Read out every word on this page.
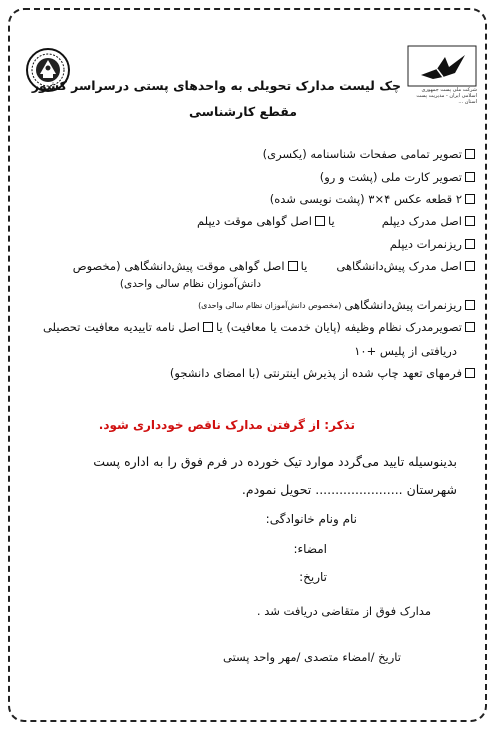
شرکت ملی پست جمهوری اسلامی ایران - مدیریت پست استان ...
چک لیست مدارک تحویلی به واحدهای پستی درسراسر کشور
مقطع کارشناسی
تصویر تمامی صفحات شناسنامه (یکسری)
تصویر کارت ملی (پشت و رو)
۲ قطعه عکس ۴×۳ (پشت نویسی شده)
اصل مدرک دیپلم
یا
اصل گواهی موقت دیپلم
ریزنمرات دیپلم
اصل مدرک پیش‌دانشگاهی
یا
اصل گواهی موقت پیش‌دانشگاهی (مخصوص
دانش‌آموزان نظام سالی واحدی)
ریزنمرات پیش‌دانشگاهی
(مخصوص دانش‌آموزان نظام سالی واحدی)
تصویرمدرک نظام وظیفه (پایان خدمت یا معافیت) یا
اصل نامه تاییدیه معافیت تحصیلی
دریافتی از پلیس +۱۰
فرمهای تعهد چاپ شده از پذیرش اینترنتی (با امضای دانشجو)
تذکر: از گرفتن مدارک ناقص خودداری شود.
بدینوسیله تایید می‌گردد موارد تیک خورده در فرم فوق را به اداره پست
شهرستان ...................... تحویل نمودم.
نام ونام خانوادگی:
امضاء:
تاریخ:
مدارک فوق از متقاضی دریافت شد .
تاریخ /امضاء متصدی /مهر واحد پستی
